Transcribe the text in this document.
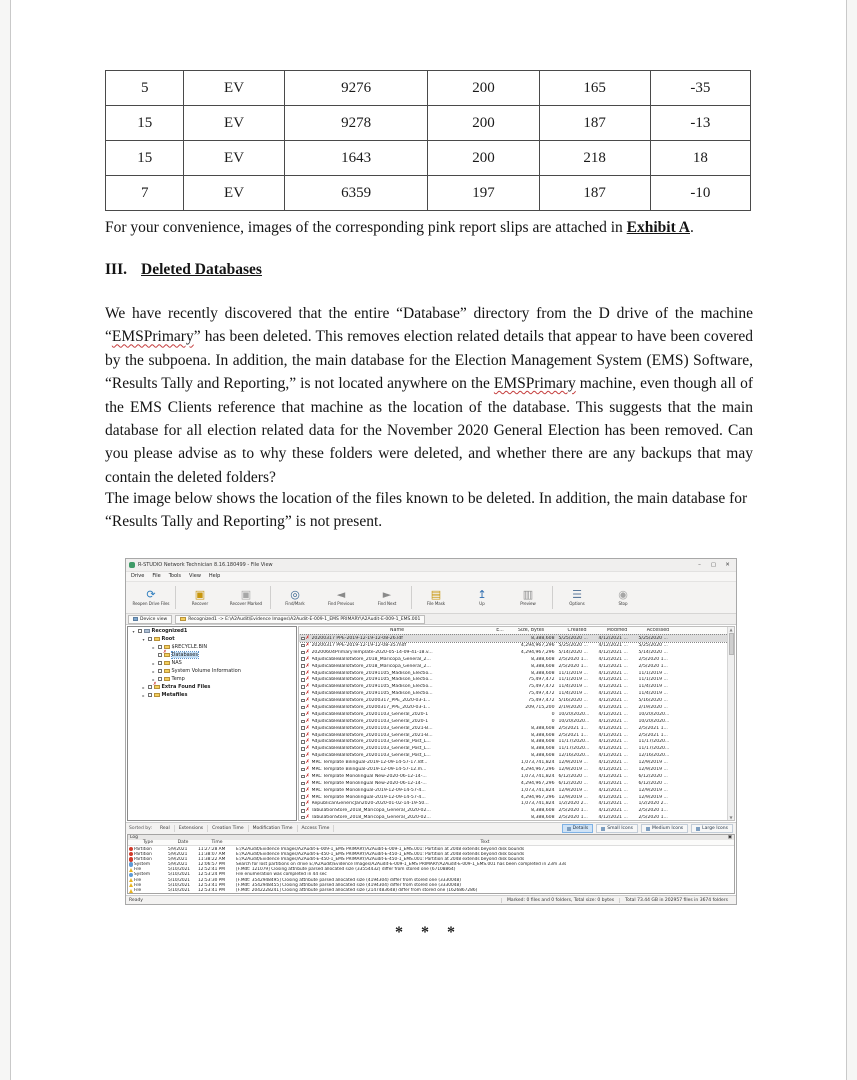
5	EV	9276	200	165	-35
15	EV	9278	200	187	-13
15	EV	1643	200	218	18
7	EV	6359	197	187	-10

For your convenience, images of the corresponding pink report slips are attached in Exhibit A.

III. Deleted Databases

We have recently discovered that the entire “Database” directory from the D drive of the machine “EMSPrimary” has been deleted. This removes election related details that appear to have been covered by the subpoena. In addition, the main database for the Election Management System (EMS) Software, “Results Tally and Reporting,” is not located anywhere on the EMSPrimary machine, even though all of the EMS Clients reference that machine as the location of the database. This suggests that the main database for all election related data for the November 2020 General Election has been removed. Can you please advise as to why these folders were deleted, and whether there are any backups that may contain the deleted folders?

The image below shows the location of the files known to be deleted. In addition, the main database for “Results Tally and Reporting” is not present.

R-STUDIO Network Technician 8.16.180499 - File View	–	▢	✕
Drive File Tools View Help
⟳
Reopen Drive Files
▣
Recover
▣
Recover Marked
◎
Find/Mark
◄
Find Previous
►
Find Next
▤
File Mask
↥
Up
▥
Preview
☰
Options
◉
Stop
Device view	Recognized1 -> E:\A2Audit\Evidence Images\A2Audit-E-009-1_EMS PRIMARY\A2Audit-E-009-1_EMS.001
▾	Recognized1
▾	Root
▸	$RECYCLE.BIN
✗ Databases
▸	NAS
▸	System Volume Information
▸	Temp
▸	✗ Extra Found Files
▸	Metafiles
Name	E...	Size, Bytes	Created	Modified	Accessed
✗ 20200317 PPE-2019-12-19-12-08-26.ldf	8,388,608 5/25/2020 ...	4/12/2021 ...	5/25/2020 ...
✗ 20200317 PPE-2019-12-19-12-08-35.mdf	4,294,967,296 5/25/2020 ...	4/12/2021 ...	5/25/2020 ...
✗ 20200604PrimaryTemplate-2020-05-14-09-41-18.v...	4,294,967,296 5/14/2020 ...	4/12/2021 ...	5/14/2020 ...
✗ AdjudicableBallotStore_2018_Maricopa_General_2...	8,388,608 2/5/2020 1...	4/12/2021 ...	2/5/2020 1...
✗ AdjudicableBallotStore_2018_Maricopa_General_2...	8,388,608 2/5/2020 1...	4/12/2021 ...	2/5/2020 1...
✗ AdjudicableBallotStore_20191105_Madison_Electio...	8,388,608 11/1/2019 ...	4/12/2021 ...	11/1/2019 ...
✗ AdjudicableBallotStore_20191105_Madison_Electio...	75,497,472 11/1/2019 ...	4/12/2021 ...	11/1/2019 ...
✗ AdjudicableBallotStore_20191105_Madison_Electio...	75,497,472 11/4/2019 ...	4/12/2021 ...	11/4/2019 ...
✗ AdjudicableBallotStore_20191105_Madison_Electio...	75,497,472 11/4/2019 ...	4/12/2021 ...	11/4/2019 ...
✗ AdjudicableBallotStore_20200317_PPE_2020-03-1...	75,497,472 5/16/2020 ...	4/12/2021 ...	5/16/2020 ...
✗ AdjudicableBallotStore_20200317_PPE_2020-03-1...	209,715,200 2/19/2020 ...	4/12/2021 ...	2/19/2020 ...
✗ AdjudicableBallotStore_20201103_General_2020-1	0 10/20/2020...	4/12/2021 ...	10/20/2020...
✗ AdjudicableBallotStore_20201103_General_2020-1	0 10/20/2020...	4/12/2021 ...	10/20/2020...
✗ AdjudicableBallotStore_20201103_General_2021-B...	8,388,608 2/5/2021 1...	4/12/2021 ...	2/5/2021 1...
✗ AdjudicableBallotStore_20201103_General_2021-B...	8,388,608 2/5/2021 1...	4/12/2021 ...	2/5/2021 1...
✗ AdjudicableBallotStore_20201103_General_Post_L...	8,388,608 11/17/2020...	4/12/2021 ...	11/17/2020...
✗ AdjudicableBallotStore_20201103_General_Post_L...	8,388,608 11/17/2020...	4/12/2021 ...	11/17/2020...
✗ AdjudicableBallotStore_20201103_General_Post_L...	8,388,608 12/16/2020...	4/12/2021 ...	12/16/2020...
✗ MRC Template Bilingual-2019-12-09-14-57-17.ldf...	1,073,741,824 12/9/2019 ...	4/12/2021 ...	12/9/2019 ...
✗ MRC Template Bilingual-2019-12-09-14-57-12.m...	4,294,967,296 12/9/2019 ...	4/12/2021 ...	12/9/2019 ...
✗ MRC Template Monolingual New-2020-06-12-14-...	1,073,741,824 6/12/2020 ...	4/12/2021 ...	6/12/2020 ...
✗ MRC Template Monolingual New-2020-06-12-14-...	4,294,967,296 6/12/2020 ...	4/12/2021 ...	6/12/2020 ...
✗ MRC Template Monolingual-2019-12-09-14-57-4...	1,073,741,824 12/9/2019 ...	4/12/2021 ...	12/9/2019 ...
✗ MRC Template Monolingual-2019-12-09-14-57-4...	4,294,967,296 12/9/2019 ...	4/12/2021 ...	12/9/2019 ...
✗ RepublicanGenericJan2020-2020-01-02-14-19-50...	1,073,741,824 1/2/2020 2...	4/12/2021 ...	1/2/2020 2...
✗ TabulationStore_2018_Maricopa_General_2020-02...	8,388,608 2/5/2020 1...	4/12/2021 ...	2/5/2020 1...
✗ TabulationStore_2018_Maricopa_General_2020-02...	8,388,608 2/5/2020 1...	4/12/2021 ...	2/5/2020 1...
▲
▼
Sorted by:	Real	Extensions	Creation Time	Modification Time	Access Time	Details	Small Icons	Medium Icons	Large Icons
Log	▣
Type	Date	Time	Text
Partition	5/9/2021	11:27:28 AM	E:/A2Audit/Evidence Images/A2Audit-E-009-1_EMS PRIMARY/A2Audit-E-009-1_EMS.001: Partition at 2048 extends beyond disk bounds
Partition	5/9/2021	11:38:07 AM	E:/A2Audit/Evidence Images/A2Audit-E-450-1_EMS PRIMARY/A2Audit-E-450-1_EMS.001: Partition at 2048 extends beyond disk bounds
Partition	5/9/2021	11:38:22 AM	E:/A2Audit/Evidence Images/A2Audit-E-450-1_EMS PRIMARY/A2Audit-E-450-1_EMS.001: Partition at 2048 extends beyond disk bounds
System	5/9/2021	12:06:57 PM	Search for lost partitions on drive E:/A2Audit/Evidence Images/A2Audit-E-009-1_EMS PRIMARY/A2Audit-E-009-1_EMS.001 has been completed in 23m 33s
File	5/10/2021	12:52:41 PM	[F.Mdt: 121079] Closing attribute parsed allocated size (33554432) differ from stored one (67108864)
System	5/10/2021	12:53:24 PM	File enumeration was completed in 44 sec
File	5/10/2021	12:53:30 PM	[F.Mdt: 3542948495] Closing attribute parsed allocated size (4194304) differ from stored one (3330048)
File	5/10/2021	12:53:41 PM	[F.Mdt: 3542948455] Closing attribute parsed allocated size (4194304) differ from stored one (3330048)
File	5/10/2021	12:53:41 PM	[F.Mdt: 2042228241] Closing attribute parsed allocated size (2147483648) differ from stored one (1626867286)
Ready	Marked: 0 files and 0 folders, Total size: 0 bytes	Total 73.44 GB in 202957 files in 3674 folders
* * *
